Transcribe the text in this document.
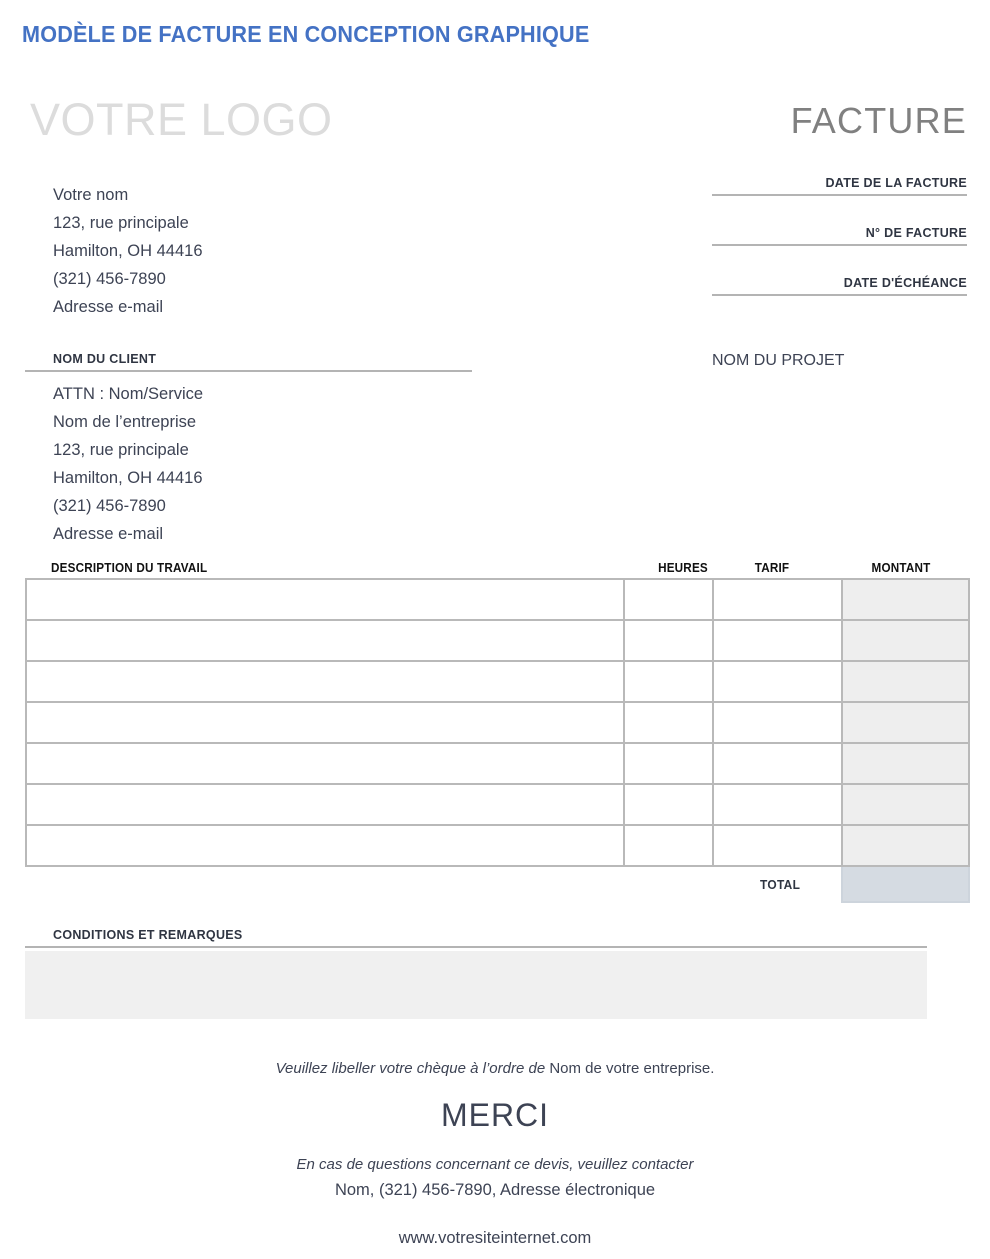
MODÈLE DE FACTURE EN CONCEPTION GRAPHIQUE
VOTRE LOGO	FACTURE
Votre nom
123, rue principale
Hamilton, OH 44416
(321) 456-7890
Adresse e-mail
DATE DE LA FACTURE
N° DE FACTURE
DATE D'ÉCHÉANCE
NOM DU PROJET
NOM DU CLIENT
ATTN : Nom/Service
Nom de l’entreprise
123, rue principale
Hamilton, OH 44416
(321) 456-7890
Adresse e-mail
DESCRIPTION DU TRAVAIL	HEURES	TARIF	MONTANT

TOTAL			
CONDITIONS ET REMARQUES
Veuillez libeller votre chèque à l’ordre de Nom de votre entreprise.
MERCI
En cas de questions concernant ce devis, veuillez contacter
Nom, (321) 456-7890, Adresse électronique
www.votresiteinternet.com
